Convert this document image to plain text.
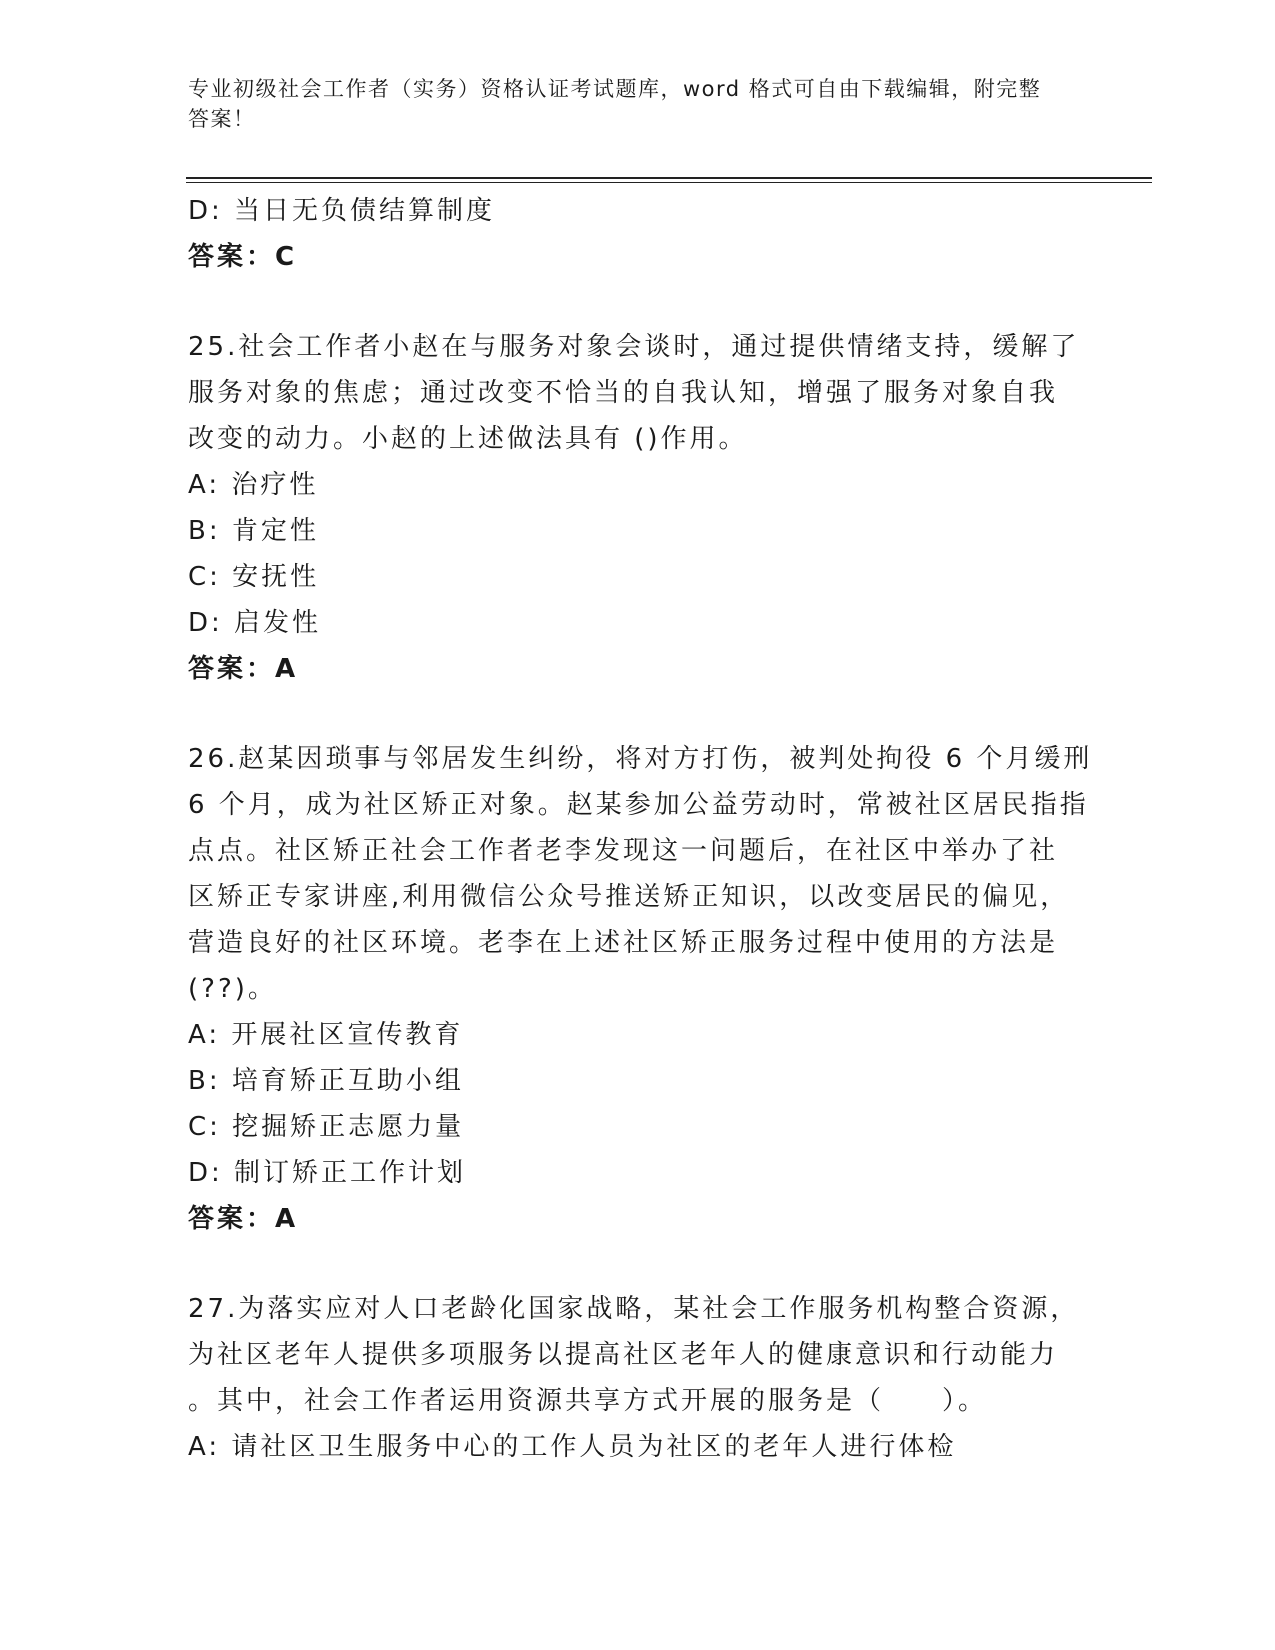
专业初级社会工作者（实务）资格认证考试题库，word 格式可自由下载编辑，附完整答案！
D: 当日无负债结算制度
答案：C
25.社会工作者小赵在与服务对象会谈时，通过提供情绪支持，缓解了
服务对象的焦虑；通过改变不恰当的自我认知，增强了服务对象自我
改变的动力。小赵的上述做法具有 ()作用。
A: 治疗性
B: 肯定性
C: 安抚性
D: 启发性
答案：A
26.赵某因琐事与邻居发生纠纷，将对方打伤，被判处拘役 6 个月缓刑
6 个月，成为社区矫正对象。赵某参加公益劳动时，常被社区居民指指
点点。社区矫正社会工作者老李发现这一问题后，在社区中举办了社
区矫正专家讲座,利用微信公众号推送矫正知识，以改变居民的偏见，
营造良好的社区环境。老李在上述社区矫正服务过程中使用的方法是
(??)。
A: 开展社区宣传教育
B: 培育矫正互助小组
C: 挖掘矫正志愿力量
D: 制订矫正工作计划
答案：A
27.为落实应对人口老龄化国家战略，某社会工作服务机构整合资源，
为社区老年人提供多项服务以提高社区老年人的健康意识和行动能力
。其中，社会工作者运用资源共享方式开展的服务是（　　）。
A: 请社区卫生服务中心的工作人员为社区的老年人进行体检
